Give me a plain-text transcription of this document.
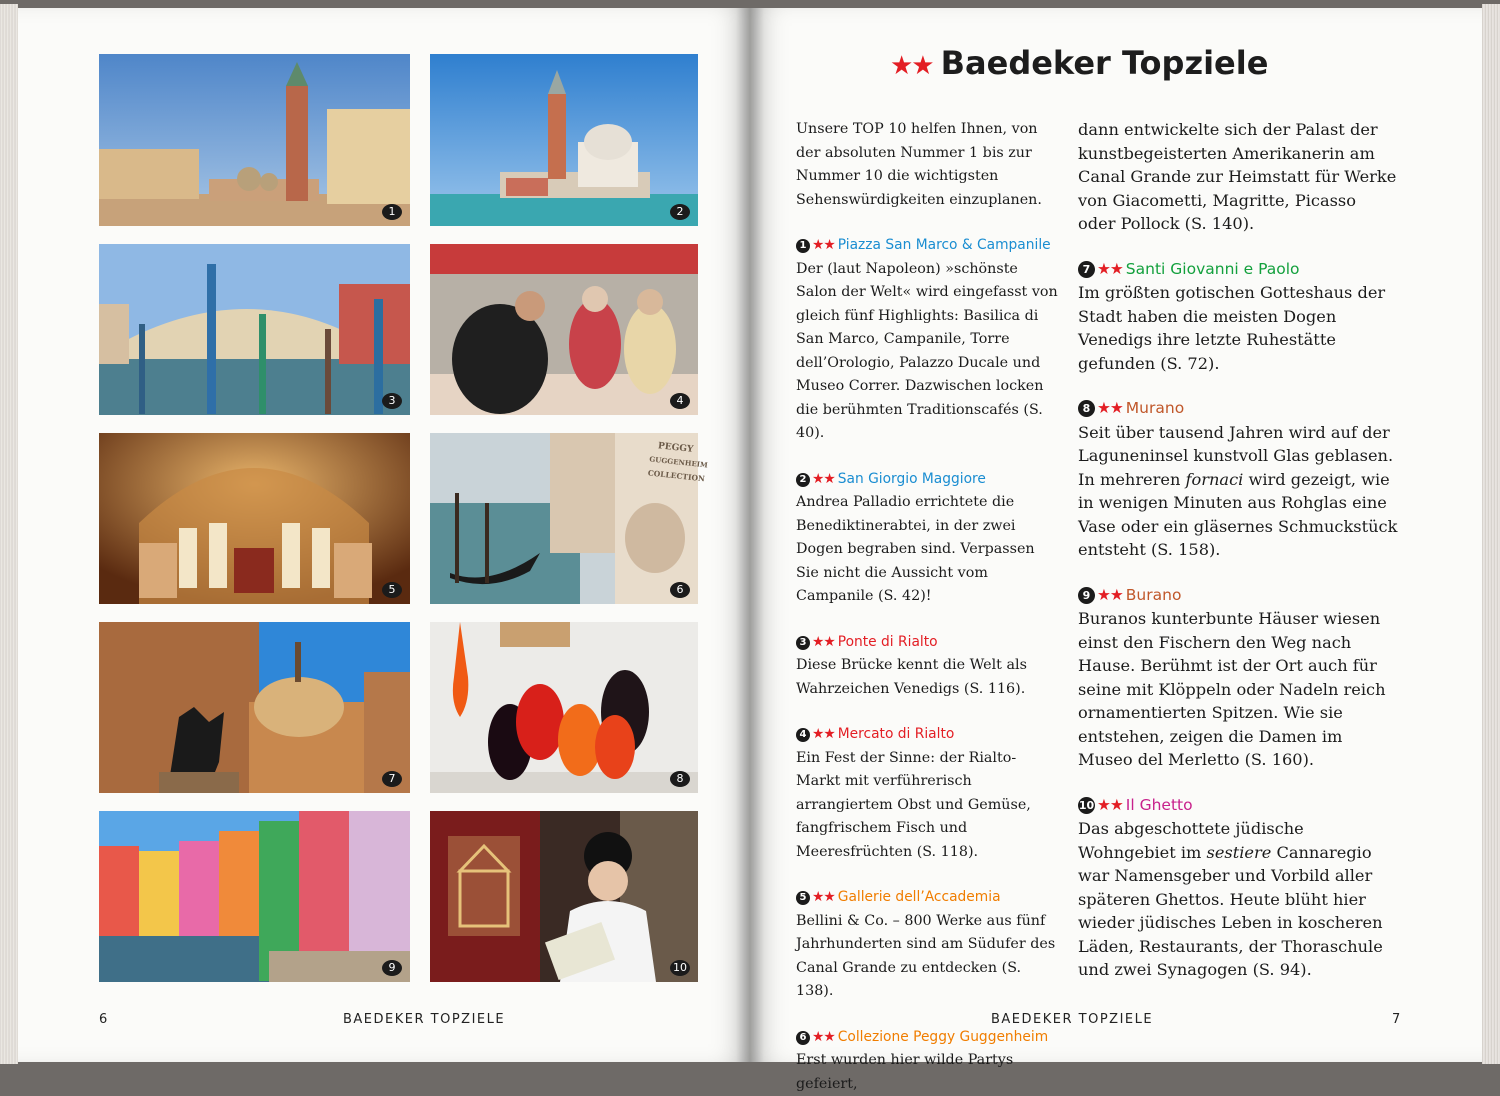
1	2
3	4
5
PEGGY
GUGGENHEIM
COLLECTION
6
7	8
9	10
6	BAEDEKER TOPZIELE	BAEDEKER TOPZIELE	7
★★ Baedeker Topziele

Unsere TOP 10 helfen Ihnen, von der absoluten Nummer 1 bis zur Nummer 10 die wichtigsten Sehenswürdigkeiten einzuplanen.

1 ★★ Piazza San Marco & Campanile

Der (laut Napoleon) »schönste Salon der Welt« wird eingefasst von gleich fünf Highlights: Basilica di San Marco, Campanile, Torre dell’Orologio, Palazzo Ducale und Museo Correr. Dazwischen locken die berühmten Traditionscafés (S. 40).

2 ★★ San Giorgio Maggiore

Andrea Palladio errichtete die Benediktinerabtei, in der zwei Dogen begraben sind. Verpassen Sie nicht die Aussicht vom Campanile (S. 42)!

3 ★★ Ponte di Rialto

Diese Brücke kennt die Welt als Wahrzeichen Venedigs (S. 116).

4 ★★ Mercato di Rialto

Ein Fest der Sinne: der Rialto-Markt mit verführerisch arrangiertem Obst und Gemüse, fangfrischem Fisch und Meeresfrüchten (S. 118).

5 ★★ Gallerie dell’Accademia

Bellini & Co. – 800 Werke aus fünf Jahrhunderten sind am Südufer des Canal Grande zu entdecken (S. 138).

6 ★★ Collezione Peggy Guggenheim

Erst wurden hier wilde Partys gefeiert,

dann entwickelte sich der Palast der kunstbegeisterten Amerikanerin am Canal Grande zur Heimstatt für Werke von Giacometti, Magritte, Picasso oder Pollock (S. 140).

7 ★★ Santi Giovanni e Paolo

Im größten gotischen Gotteshaus der Stadt haben die meisten Dogen Venedigs ihre letzte Ruhestätte gefunden (S. 72).

8 ★★ Murano

Seit über tausend Jahren wird auf der Laguneninsel kunstvoll Glas geblasen. In mehreren fornaci wird gezeigt, wie in wenigen Minuten aus Rohglas eine Vase oder ein gläsernes Schmuckstück entsteht (S. 158).

9 ★★ Burano

Buranos kunterbunte Häuser wiesen einst den Fischern den Weg nach Hause. Berühmt ist der Ort auch für seine mit Klöppeln oder Nadeln reich ornamentierten Spitzen. Wie sie entstehen, zeigen die Damen im Museo del Merletto (S. 160).

10 ★★ Il Ghetto

Das abgeschottete jüdische Wohngebiet im sestiere Cannaregio war Namensgeber und Vorbild aller späteren Ghettos. Heute blüht hier wieder jüdisches Leben in koscheren Läden, Restaurants, der Thoraschule und zwei Synagogen (S. 94).
